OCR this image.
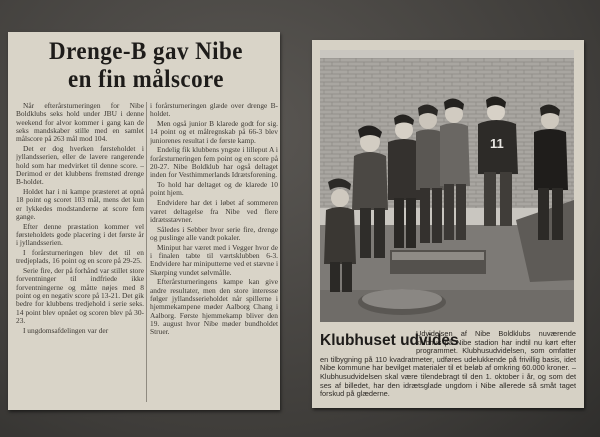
Drenge-B gav Nibe
en fin målscore

Når efterårsturneringen for Nibe Boldklubs seks hold under JBU i denne weekend for alvor kommer i gang kan de seks mandskaber stille med en samlet målscore på 263 mål mod 104.

Det er dog hverken førsteholdet i jyllandsserien, eller de lavere rangerende hold som har medvirket til denne score. – Derimod er det klubbens fremstød drenge B-holdet.

Holdet har i ni kampe præsteret at opnå 18 point og scoret 103 mål, mens det kun er lykkedes modstanderne at score fem gange.

Efter denne præstation kommer vel førsteholdets gode placering i det første år i jyllandsserien.

I forårsturneringen blev det til en tredjeplads, 16 point og en score på 29-25.

Serie fire, der på forhånd var stillet store forventninger til indfriede ikke forventningerne og måtte nøjes med 8 point og en negativ score på 13-21. Det gik bedre for klubbens tredjehold i serie seks. 14 point blev opnået og scoren blev på 30-23.

I ungdomsafdelingen var der

i forårsturneringen glæde over drenge B-holdet.

Men også junior B klarede godt for sig. 14 point og et målregnskab på 66-3 blev juniorenes resultat i de første kamp.

Endelig fik klubbens yngste i lilleput A i forårsturneringen fem point og en score på 20-27. Nibe Boldklub har også deltaget inden for Vesthimmerlands Idrætsforening.

To hold har deltaget og de klarede 10 point hjem.

Endvidere har det i løbet af sommeren været deltagelse fra Nibe ved flere idrætsstævner.

Således i Sebber hvor serie fire, drenge og puslinge alle vandt pokaler.

Miniput har været med i Vegger hvor de i finalen tabte til værtsklubben 6-3. Endvidere har miniputterne ved et stævne i Skørping vundet sølvmålle.

Efterårsturneringens kampe kan give andre resultater, men den store interesse følger jyllandsserieholdet når spillerne i hjemmekampene møder Aalborg Chang i Aalborg. Første hjemmekamp bliver den 19. august hvor Nibe møder bundholdet Struer.

11
Udvidelsen af Nibe Boldklubs nuværende klubhus på Nibe stadion har indtil nu kørt efter programmet. Klubhusudvidelsen, som omfatter en tilbygning på 110 kvadratmeter, udføres udelukkende på frivillig basis, idet Nibe kommune har bevilget materialer til et beløb af omkring 60.000 kroner. – Klubhusudvidelsen skal være tilendebragt til den 1. oktober i år, og som det ses af billedet, har den idrætsglade ungdom i Nibe allerede så småt taget forskud på glæderne.
Klubhuset udvides
